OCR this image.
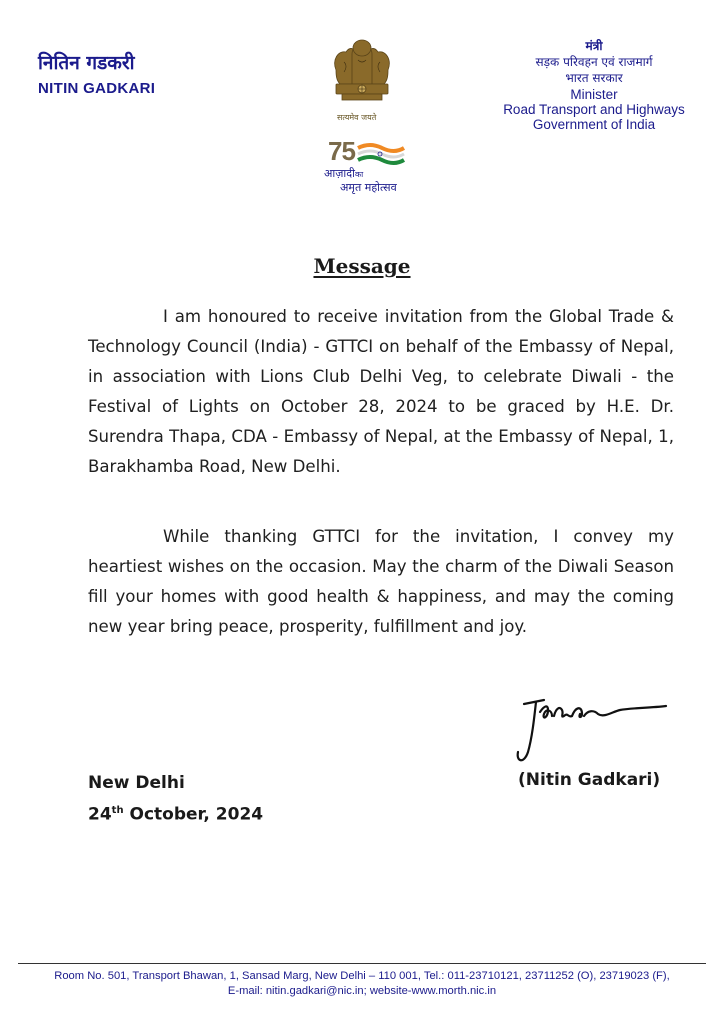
नितिन गडकरी
NITIN GADKARI
सत्यमेव जयते
75
आज़ादीका
अमृत महोत्सव
मंत्री
सड़क परिवहन एवं राजमार्ग
भारत सरकार
Minister
Road Transport and Highways
Government of India
Message
I am honoured to receive invitation from the Global Trade & Technology Council (India) - GTTCI on behalf of the Embassy of Nepal, in association with Lions Club Delhi Veg, to celebrate Diwali - the Festival of Lights on October 28, 2024 to be graced by H.E. Dr. Surendra Thapa, CDA - Embassy of Nepal, at the Embassy of Nepal, 1, Barakhamba Road, New Delhi.
While thanking GTTCI for the invitation, I convey my heartiest wishes on the occasion. May the charm of the Diwali Season fill your homes with good health & happiness, and may the coming new year bring peace, prosperity, fulfillment and joy.
New Delhi
24th October, 2024
(Nitin Gadkari)
Room No. 501, Transport Bhawan, 1, Sansad Marg, New Delhi – 110 001, Tel.: 011-23710121, 23711252 (O), 23719023 (F),
E-mail: nitin.gadkari@nic.in; website-www.morth.nic.in
